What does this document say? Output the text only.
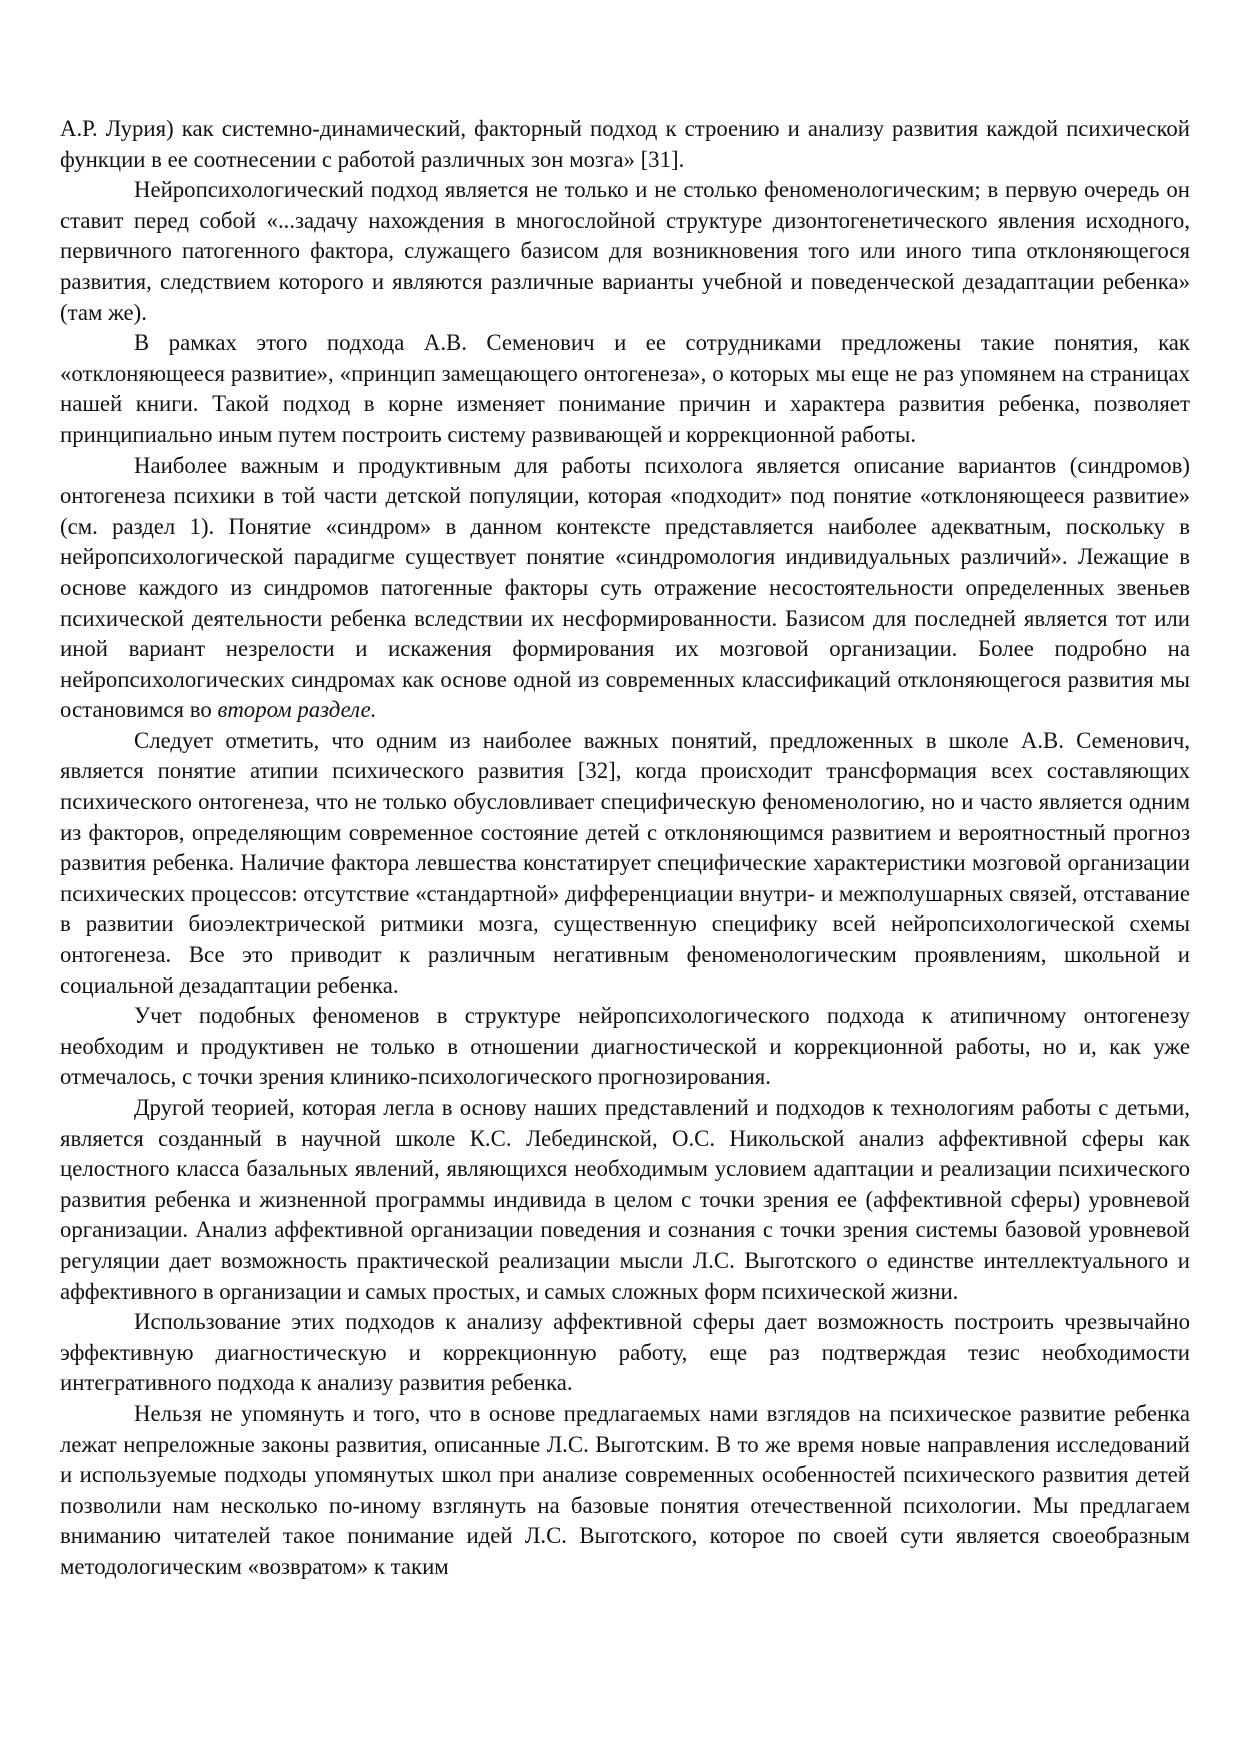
А.Р. Лурия) как системно-динамический, факторный подход к строению и анализу развития каждой психической функции в ее соотнесении с работой различных зон мозга» [31].

Нейропсихологический подход является не только и не столько феноменологическим; в первую очередь он ставит перед собой «...задачу нахождения в многослойной структуре дизонтогенетического явления исходного, первичного патогенного фактора, служащего базисом для возникновения того или иного типа отклоняющегося развития, следствием которого и являются различные варианты учебной и поведенческой дезадаптации ребенка» (там же).

В рамках этого подхода А.В. Семенович и ее сотрудниками предложены такие понятия, как «отклоняющееся развитие», «принцип замещающего онтогенеза», о которых мы еще не раз упомянем на страницах нашей книги. Такой подход в корне изменяет понимание причин и характера развития ребенка, позволяет принципиально иным путем построить систему развивающей и коррекционной работы.

Наиболее важным и продуктивным для работы психолога является описание вариантов (синдромов) онтогенеза психики в той части детской популяции, которая «подходит» под понятие «отклоняющееся развитие» (см. раздел 1). Понятие «синдром» в данном контексте представляется наиболее адекватным, поскольку в нейропсихологической парадигме существует понятие «синдромология индивидуальных различий». Лежащие в основе каждого из синдромов патогенные факторы суть отражение несостоятельности определенных звеньев психической деятельности ребенка вследствии их несформированности. Базисом для последней является тот или иной вариант незрелости и искажения формирования их мозговой организации. Более подробно на нейропсихологических синдромах как основе одной из современных классификаций отклоняющегося развития мы остановимся во втором разделе.

Следует отметить, что одним из наиболее важных понятий, предложенных в школе А.В. Семенович, является понятие атипии психического развития [32], когда происходит трансформация всех составляющих психического онтогенеза, что не только обусловливает специфическую феноменологию, но и часто является одним из факторов, определяющим современное состояние детей с отклоняющимся развитием и вероятностный прогноз развития ребенка. Наличие фактора левшества констатирует специфические характеристики мозговой организации психических процессов: отсутствие «стандартной» дифференциации внутри- и межполушарных связей, отставание в развитии биоэлектрической ритмики мозга, существенную специфику всей нейропсихологической схемы онтогенеза. Все это приводит к различным негативным феноменологическим проявлениям, школьной и социальной дезадаптации ребенка.

Учет подобных феноменов в структуре нейропсихологического подхода к атипичному онтогенезу необходим и продуктивен не только в отношении диагностической и коррекционной работы, но и, как уже отмечалось, с точки зрения клинико-психологического прогнозирования.

Другой теорией, которая легла в основу наших представлений и подходов к технологиям работы с детьми, является созданный в научной школе К.С. Лебединской, О.С. Никольской анализ аффективной сферы как целостного класса базальных явлений, являющихся необходимым условием адаптации и реализации психического развития ребенка и жизненной программы индивида в целом с точки зрения ее (аффективной сферы) уровневой организации. Анализ аффективной организации поведения и сознания с точки зрения системы базовой уровневой регуляции дает возможность практической реализации мысли Л.С. Выготского о единстве интеллектуального и аффективного в организации и самых простых, и самых сложных форм психической жизни.

Использование этих подходов к анализу аффективной сферы дает возможность построить чрезвычайно эффективную диагностическую и коррекционную работу, еще раз подтверждая тезис необходимости интегративного подхода к анализу развития ребенка.

Нельзя не упомянуть и того, что в основе предлагаемых нами взглядов на психическое развитие ребенка лежат непреложные законы развития, описанные Л.С. Выготским. В то же время новые направления исследований и используемые подходы упомянутых школ при анализе современных особенностей психического развития детей позволили нам несколько по-иному взглянуть на базовые понятия отечественной психологии. Мы предлагаем вниманию читателей такое понимание идей Л.С. Выготского, которое по своей сути является своеобразным методологическим «возвратом» к таким
